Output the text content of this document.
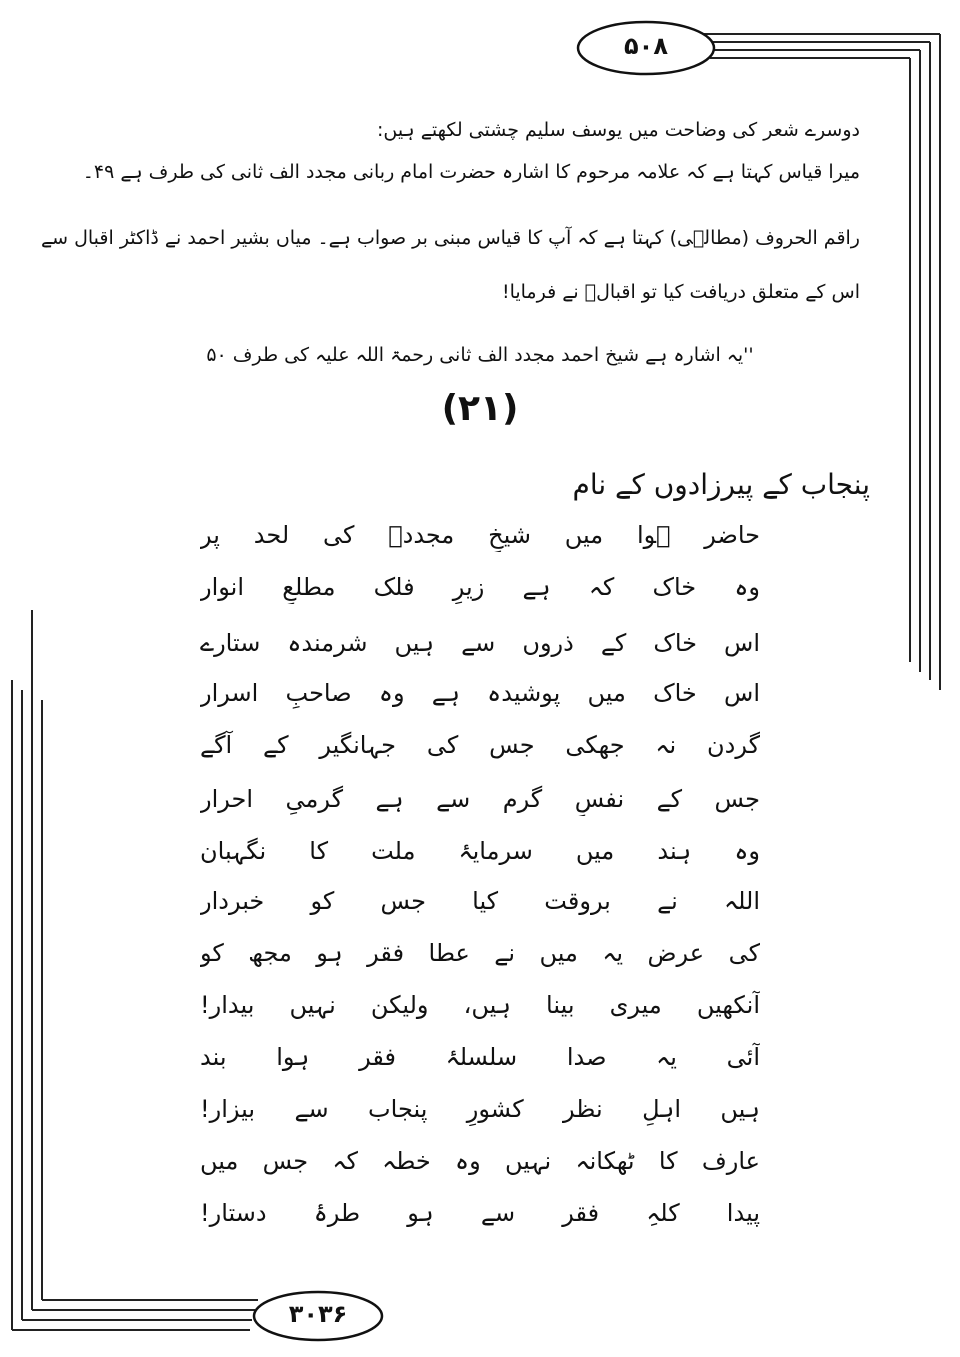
۵۰۸
۳۰۳۶
دوسرے شعر کی وضاحت میں یوسف سلیم چشتی لکھتے ہیں:
میرا قیاس کہتا ہے کہ علامہ مرحوم کا اشارہ حضرت امام ربانی مجدد الف ثانی کی طرف ہے ۴۹۔
راقم الحروف (مطالؔی) کہتا ہے کہ آپ کا قیاس مبنی بر صواب ہے۔ میاں بشیر احمد نے ڈاکٹر اقبال سے
اس کے متعلق دریافت کیا تو اقبالؔ نے فرمایا!
''یہ اشارہ ہے شیخ احمد مجدد الف ثانی رحمۃ اللہ علیہ کی طرف ۵۰
(۲۱)
پنجاب کے پیرزادوں کے نام
حاضر ہوا میں شیخِ مجددؒ کی لحد پر
وہ خاک کہ ہے زیرِ فلک مطلعِ انوار
اس خاک کے ذروں سے ہیں شرمندہ ستارے
اس خاک میں پوشیدہ ہے وہ صاحبِ اسرار
گردن نہ جھکی جس کی جہانگیر کے آگے
جس کے نفسِ گرم سے ہے گرمیِ احرار
وہ ہند میں سرمایۂ ملت کا نگہبان
اللہ نے بروقت کیا جس کو خبردار
کی عرض یہ میں نے عطا فقر ہو مجھ کو
آنکھیں میری بینا ہیں، ولیکن نہیں بیدار!
آئی یہ صدا سلسلۂ فقر ہوا بند
ہیں اہلِ نظر کشورِ پنجاب سے بیزار!
عارف کا ٹھکانہ نہیں وہ خطہ کہ جس میں
پیدا کلہِ فقر سے ہو طرۂ دستار!
